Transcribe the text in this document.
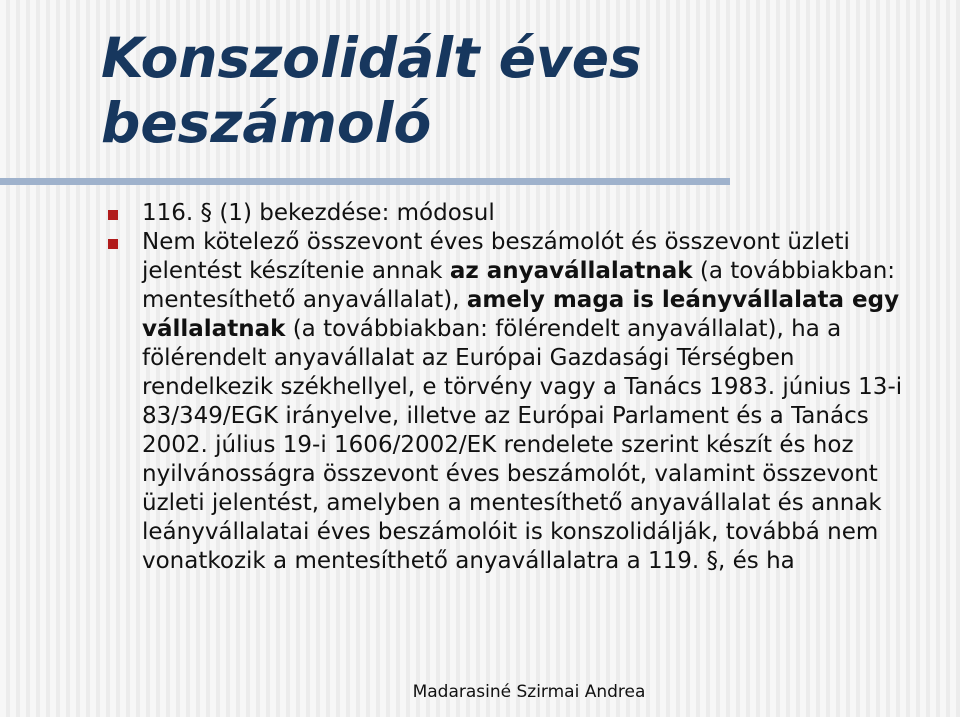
Konszolidált éves
beszámoló
116. § (1) bekezdése: módosul
Nem kötelező összevont éves beszámolót és összevont üzleti jelentést készítenie annak az anyavállalatnak (a továbbiakban: mentesíthető anyavállalat), amely maga is leányvállalata egy vállalatnak (a továbbiakban: fölérendelt anyavállalat), ha a fölérendelt anyavállalat az Európai Gazdasági Térségben rendelkezik székhellyel, e törvény vagy a Tanács 1983. június 13-i 83/349/EGK irányelve, illetve az Európai Parlament és a Tanács 2002. július 19-i 1606/2002/EK rendelete szerint készít és hoz nyilvánosságra összevont éves beszámolót, valamint összevont üzleti jelentést, amelyben a mentesíthető anyavállalat és annak leányvállalatai éves beszámolóit is konszolidálják, továbbá nem vonatkozik a mentesíthető anyavállalatra a 119. §, és ha
Madarasiné Szirmai Andrea
